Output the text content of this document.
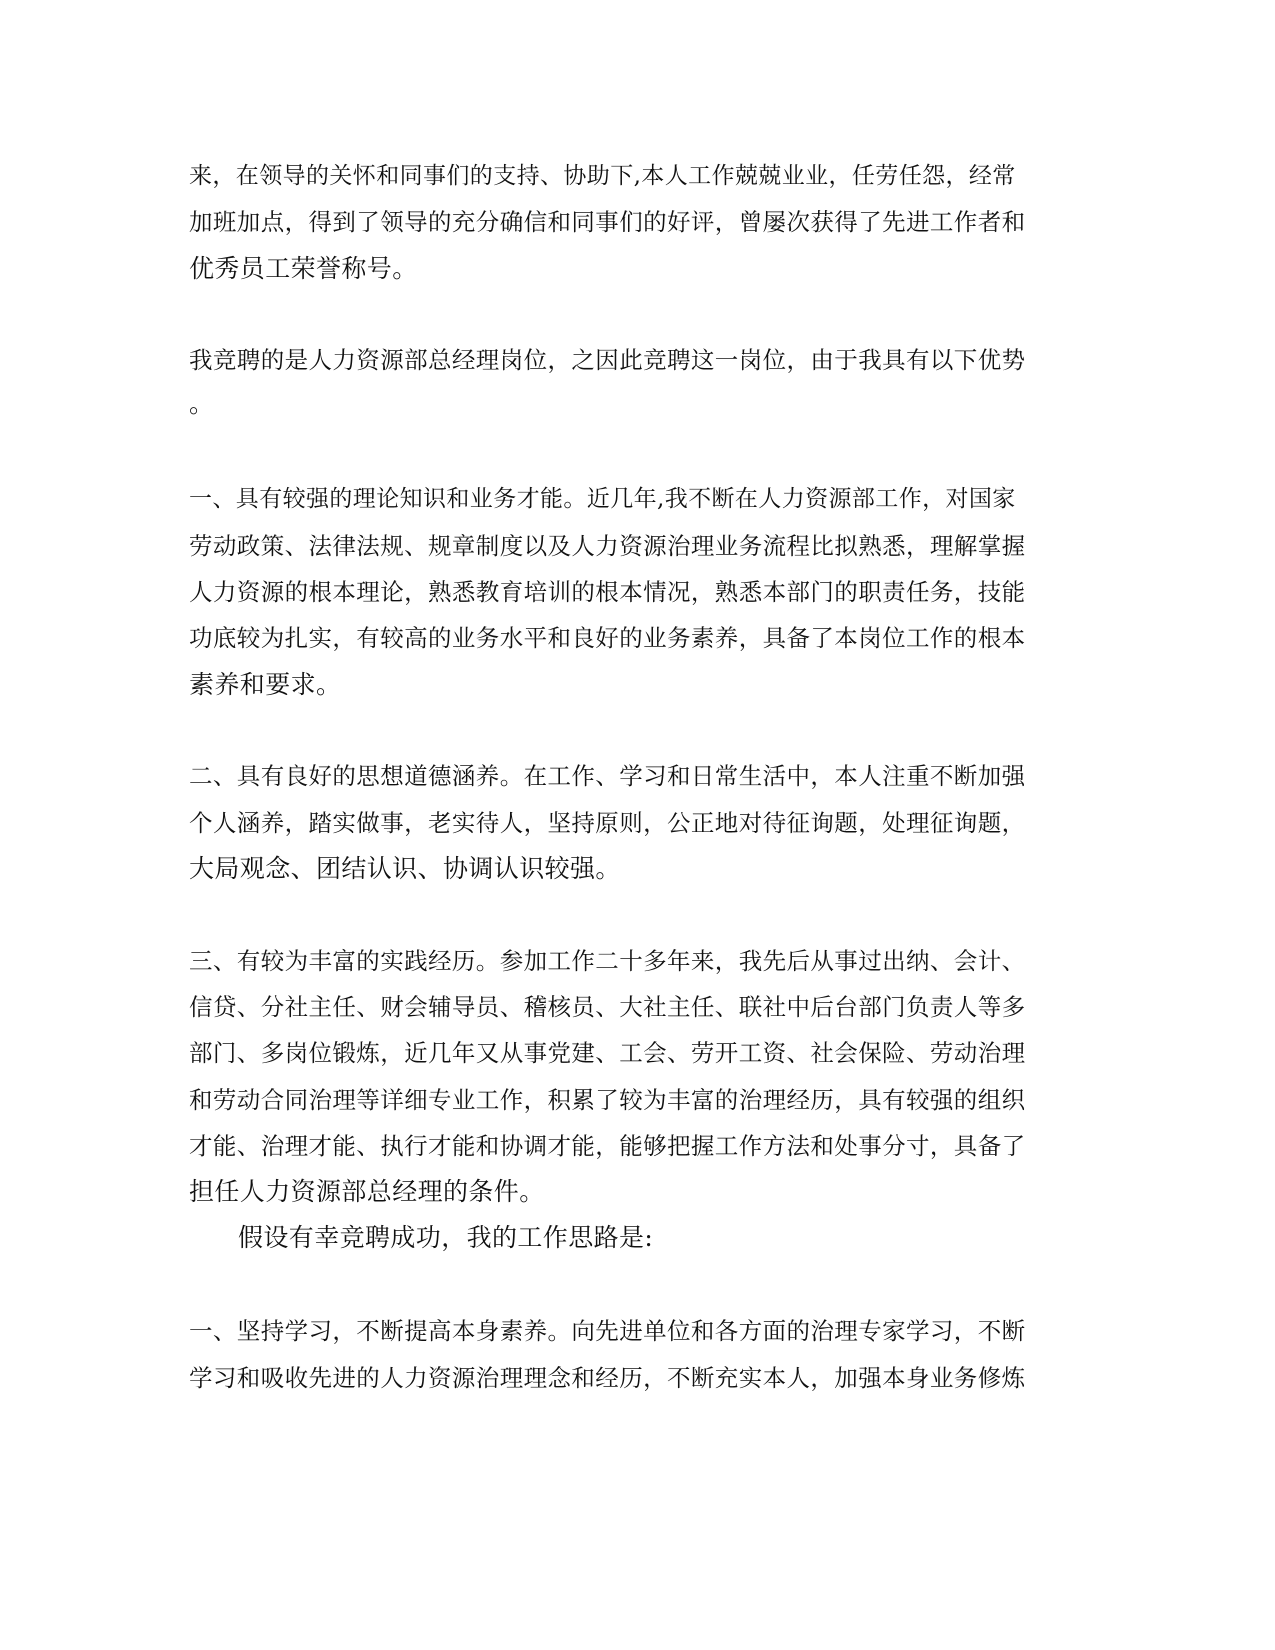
来，在领导的关怀和同事们的支持、协助下,本人工作兢兢业业，任劳任怨，经常
加班加点，得到了领导的充分确信和同事们的好评，曾屡次获得了先进工作者和
优秀员工荣誉称号。
我竞聘的是人力资源部总经理岗位，之因此竞聘这一岗位，由于我具有以下优势
。
一、具有较强的理论知识和业务才能。近几年,我不断在人力资源部工作，对国家
劳动政策、法律法规、规章制度以及人力资源治理业务流程比拟熟悉，理解掌握
人力资源的根本理论，熟悉教育培训的根本情况，熟悉本部门的职责任务，技能
功底较为扎实，有较高的业务水平和良好的业务素养，具备了本岗位工作的根本
素养和要求。
二、具有良好的思想道德涵养。在工作、学习和日常生活中，本人注重不断加强
个人涵养，踏实做事，老实待人，坚持原则，公正地对待征询题，处理征询题，
大局观念、团结认识、协调认识较强。
三、有较为丰富的实践经历。参加工作二十多年来，我先后从事过出纳、会计、
信贷、分社主任、财会辅导员、稽核员、大社主任、联社中后台部门负责人等多
部门、多岗位锻炼，近几年又从事党建、工会、劳开工资、社会保险、劳动治理
和劳动合同治理等详细专业工作，积累了较为丰富的治理经历，具有较强的组织
才能、治理才能、执行才能和协调才能，能够把握工作方法和处事分寸，具备了
担任人力资源部总经理的条件。
假设有幸竞聘成功，我的工作思路是:
一、坚持学习，不断提高本身素养。向先进单位和各方面的治理专家学习，不断
学习和吸收先进的人力资源治理理念和经历，不断充实本人，加强本身业务修炼
